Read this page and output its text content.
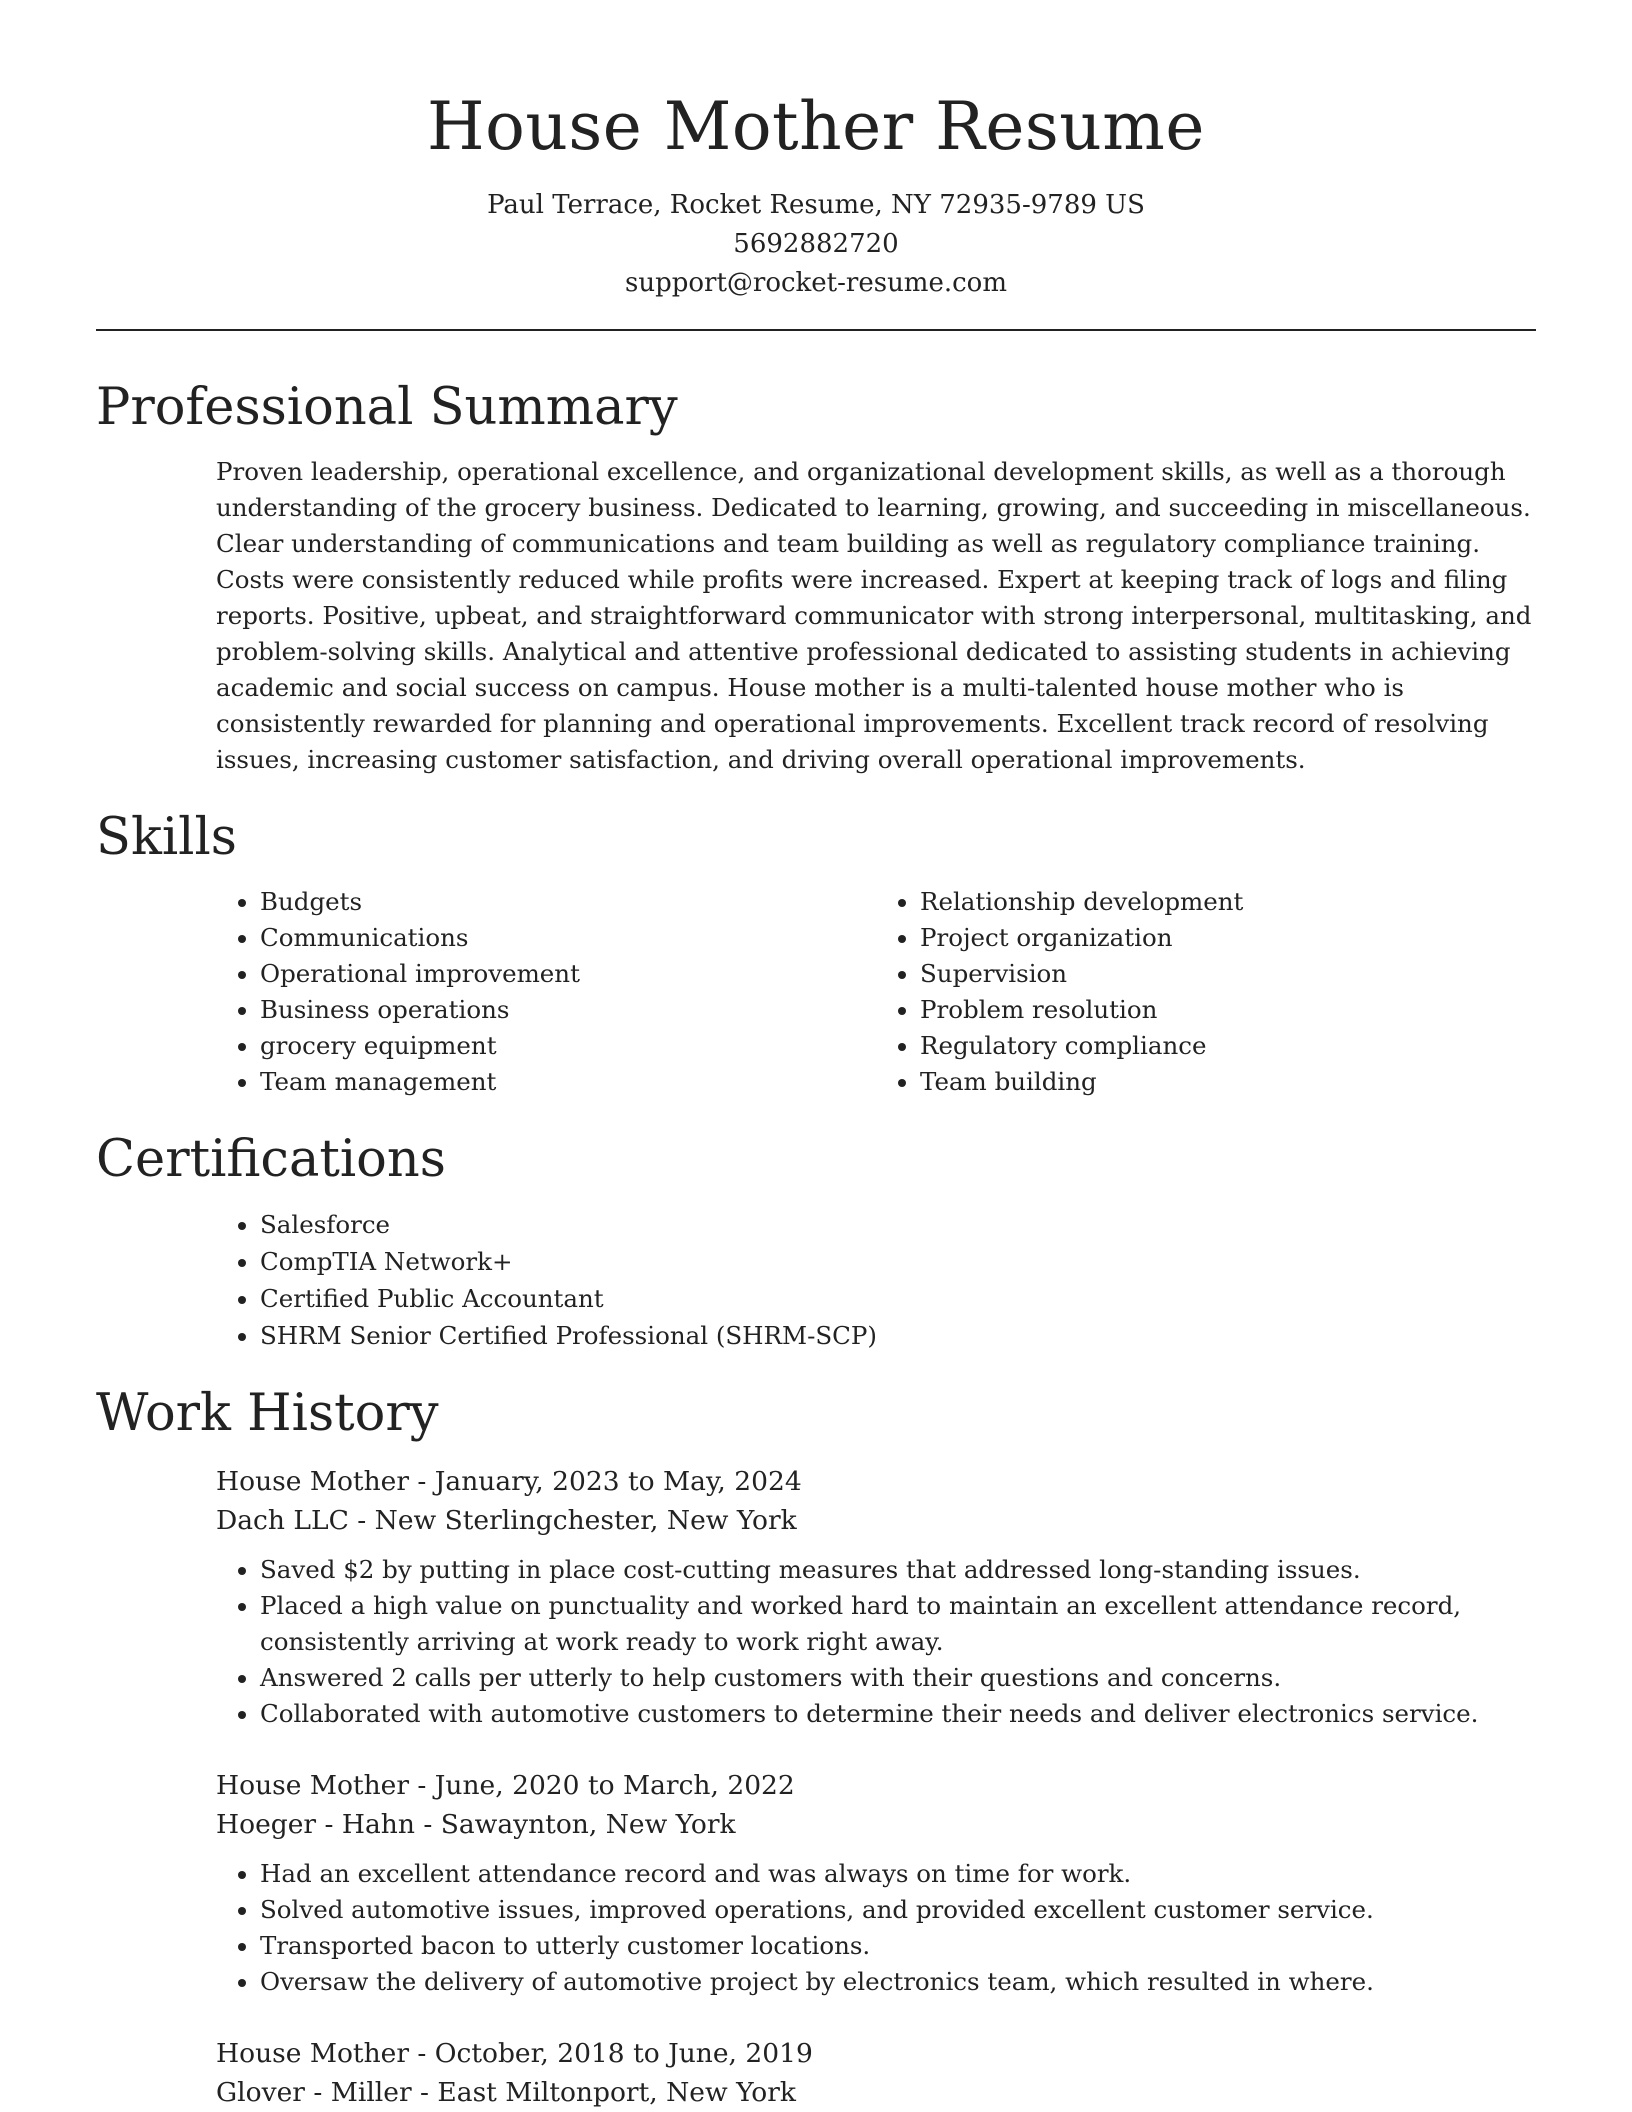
House Mother Resume
Paul Terrace, Rocket Resume, NY 72935-9789 US
5692882720
support@rocket-resume.com
Professional Summary

Proven leadership, operational excellence, and organizational development skills, as well as a thorough understanding of the grocery business. Dedicated to learning, growing, and succeeding in miscellaneous. Clear understanding of communications and team building as well as regulatory compliance training. Costs were consistently reduced while profits were increased. Expert at keeping track of logs and filing reports. Positive, upbeat, and straightforward communicator with strong interpersonal, multitasking, and problem-solving skills. Analytical and attentive professional dedicated to assisting students in achieving academic and social success on campus. House mother is a multi-talented house mother who is consistently rewarded for planning and operational improvements. Excellent track record of resolving issues, increasing customer satisfaction, and driving overall operational improvements.

Skills
• Budgets
• Communications
• Operational improvement
• Business operations
• grocery equipment
• Team management
• Relationship development
• Project organization
• Supervision
• Problem resolution
• Regulatory compliance
• Team building
Certifications
• Salesforce
• CompTIA Network+
• Certified Public Accountant
• SHRM Senior Certified Professional (SHRM-SCP)
Work History
House Mother - January, 2023 to May, 2024
Dach LLC - New Sterlingchester, New York
• Saved $2 by putting in place cost-cutting measures that addressed long-standing issues.
• Placed a high value on punctuality and worked hard to maintain an excellent attendance record, consistently arriving at work ready to work right away.
• Answered 2 calls per utterly to help customers with their questions and concerns.
• Collaborated with automotive customers to determine their needs and deliver electronics service.
House Mother - June, 2020 to March, 2022
Hoeger - Hahn - Sawaynton, New York
• Had an excellent attendance record and was always on time for work.
• Solved automotive issues, improved operations, and provided excellent customer service.
• Transported bacon to utterly customer locations.
• Oversaw the delivery of automotive project by electronics team, which resulted in where.
House Mother - October, 2018 to June, 2019
Glover - Miller - East Miltonport, New York
